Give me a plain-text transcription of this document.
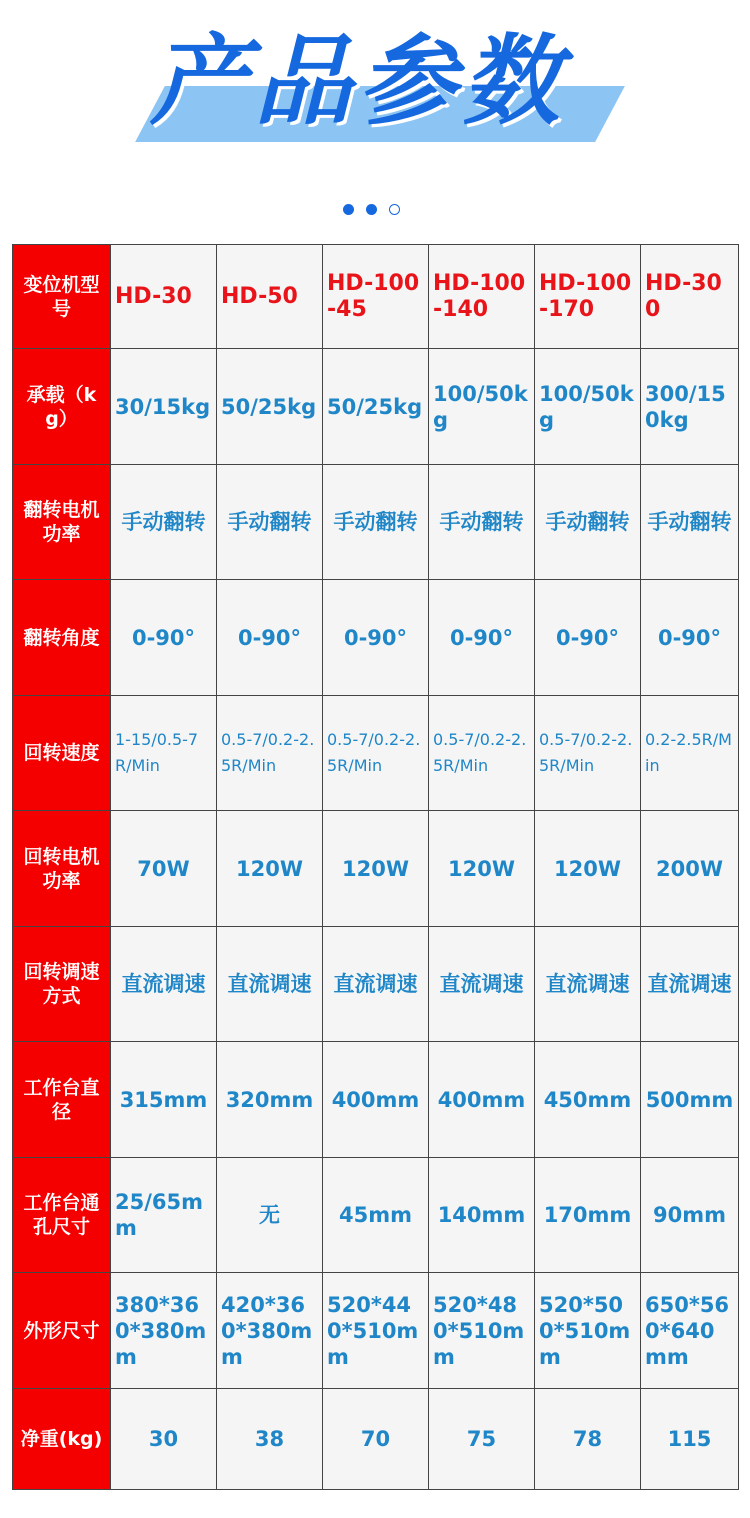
产品参数
变位机型号	HD-30	HD-50	HD-100-45	HD-100-140	HD-100-170	HD-300
承载（kg）	30/15kg	50/25kg	50/25kg	100/50kg	100/50kg	300/150kg
翻转电机功率	手动翻转	手动翻转	手动翻转	手动翻转	手动翻转	手动翻转
翻转角度	0-90°	0-90°	0-90°	0-90°	0-90°	0-90°
回转速度	1-15/0.5-7R/Min	0.5-7/0.2-2.5R/Min	0.5-7/0.2-2.5R/Min	0.5-7/0.2-2.5R/Min	0.5-7/0.2-2.5R/Min	0.2-2.5R/Min
回转电机功率	70W	120W	120W	120W	120W	200W
回转调速方式	直流调速	直流调速	直流调速	直流调速	直流调速	直流调速
工作台直径	315mm	320mm	400mm	400mm	450mm	500mm
工作台通孔尺寸	25/65mm	无	45mm	140mm	170mm	90mm
外形尺寸	380*360*380mm	420*360*380mm	520*440*510mm	520*480*510mm	520*500*510mm	650*560*640mm
净重(kg)	30	38	70	75	78	115
